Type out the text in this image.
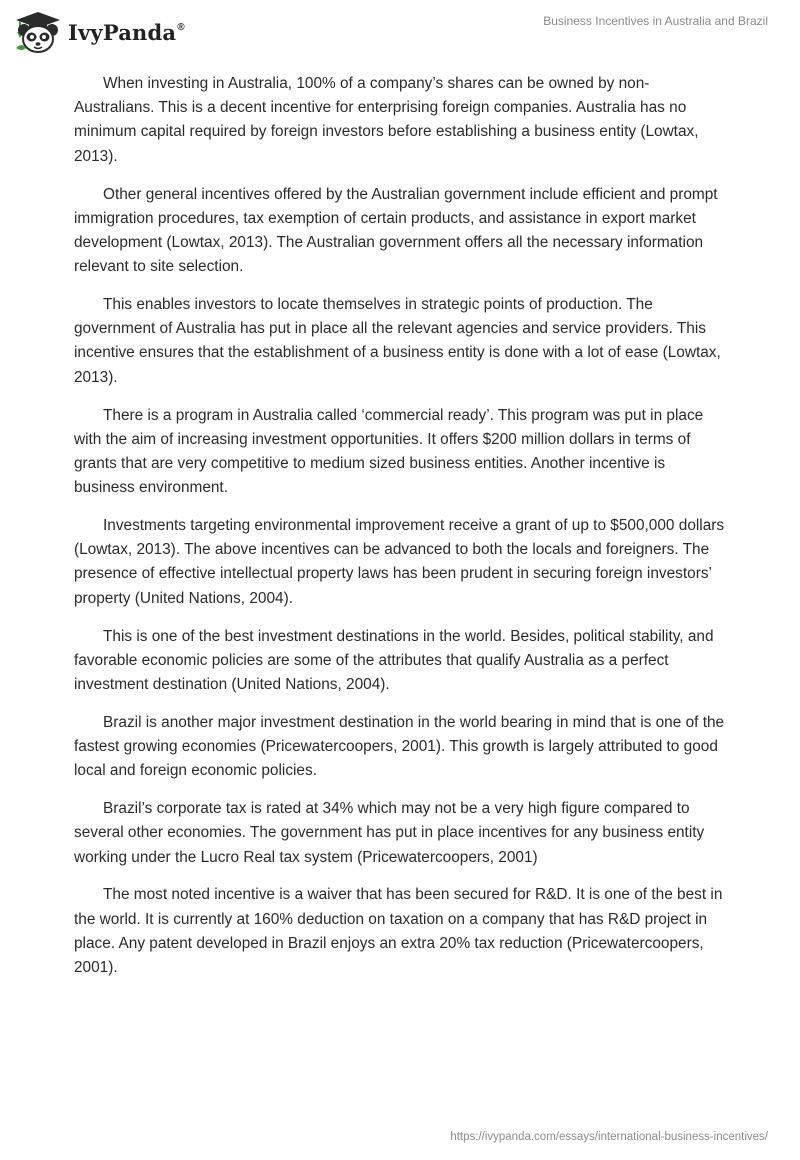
IvyPanda®	Business Incentives in Australia and Brazil

When investing in Australia, 100% of a company’s shares can be owned by non-Australians. This is a decent incentive for enterprising foreign companies. Australia has no minimum capital required by foreign investors before establishing a business entity (Lowtax, 2013).

Other general incentives offered by the Australian government include efficient and prompt immigration procedures, tax exemption of certain products, and assistance in export market development (Lowtax, 2013). The Australian government offers all the necessary information relevant to site selection.

This enables investors to locate themselves in strategic points of production. The government of Australia has put in place all the relevant agencies and service providers. This incentive ensures that the establishment of a business entity is done with a lot of ease (Lowtax, 2013).

There is a program in Australia called ‘commercial ready’. This program was put in place with the aim of increasing investment opportunities. It offers $200 million dollars in terms of grants that are very competitive to medium sized business entities. Another incentive is business environment.

Investments targeting environmental improvement receive a grant of up to $500,000 dollars (Lowtax, 2013). The above incentives can be advanced to both the locals and foreigners. The presence of effective intellectual property laws has been prudent in securing foreign investors’ property (United Nations, 2004).

This is one of the best investment destinations in the world. Besides, political stability, and favorable economic policies are some of the attributes that qualify Australia as a perfect investment destination (United Nations, 2004).

Brazil is another major investment destination in the world bearing in mind that is one of the fastest growing economies (Pricewatercoopers, 2001). This growth is largely attributed to good local and foreign economic policies.

Brazil’s corporate tax is rated at 34% which may not be a very high figure compared to several other economies. The government has put in place incentives for any business entity working under the Lucro Real tax system (Pricewatercoopers, 2001)

The most noted incentive is a waiver that has been secured for R&D. It is one of the best in the world. It is currently at 160% deduction on taxation on a company that has R&D project in place. Any patent developed in Brazil enjoys an extra 20% tax reduction (Pricewatercoopers, 2001).

https://ivypanda.com/essays/international-business-incentives/
